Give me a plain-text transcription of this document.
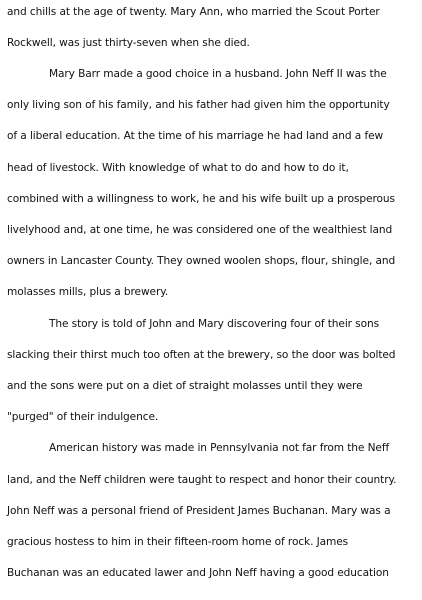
and chills at the age of twenty. Mary Ann, who married the Scout Porter
Rockwell, was just thirty-seven when she died.
Mary Barr made a good choice in a husband. John Neff II was the
only living son of his family, and his father had given him the opportunity
of a liberal education. At the time of his marriage he had land and a few
head of livestock. With knowledge of what to do and how to do it,
combined with a willingness to work, he and his wife built up a prosperous
livelyhood and, at one time, he was considered one of the wealthiest land
owners in Lancaster County. They owned woolen shops, flour, shingle, and
molasses mills, plus a brewery.
The story is told of John and Mary discovering four of their sons
slacking their thirst much too often at the brewery, so the door was bolted
and the sons were put on a diet of straight molasses until they were
"purged" of their indulgence.
American history was made in Pennsylvania not far from the Neff
land, and the Neff children were taught to respect and honor their country.
John Neff was a personal friend of President James Buchanan. Mary was a
gracious hostess to him in their fifteen-room home of rock. James
Buchanan was an educated lawer and John Neff having a good education
